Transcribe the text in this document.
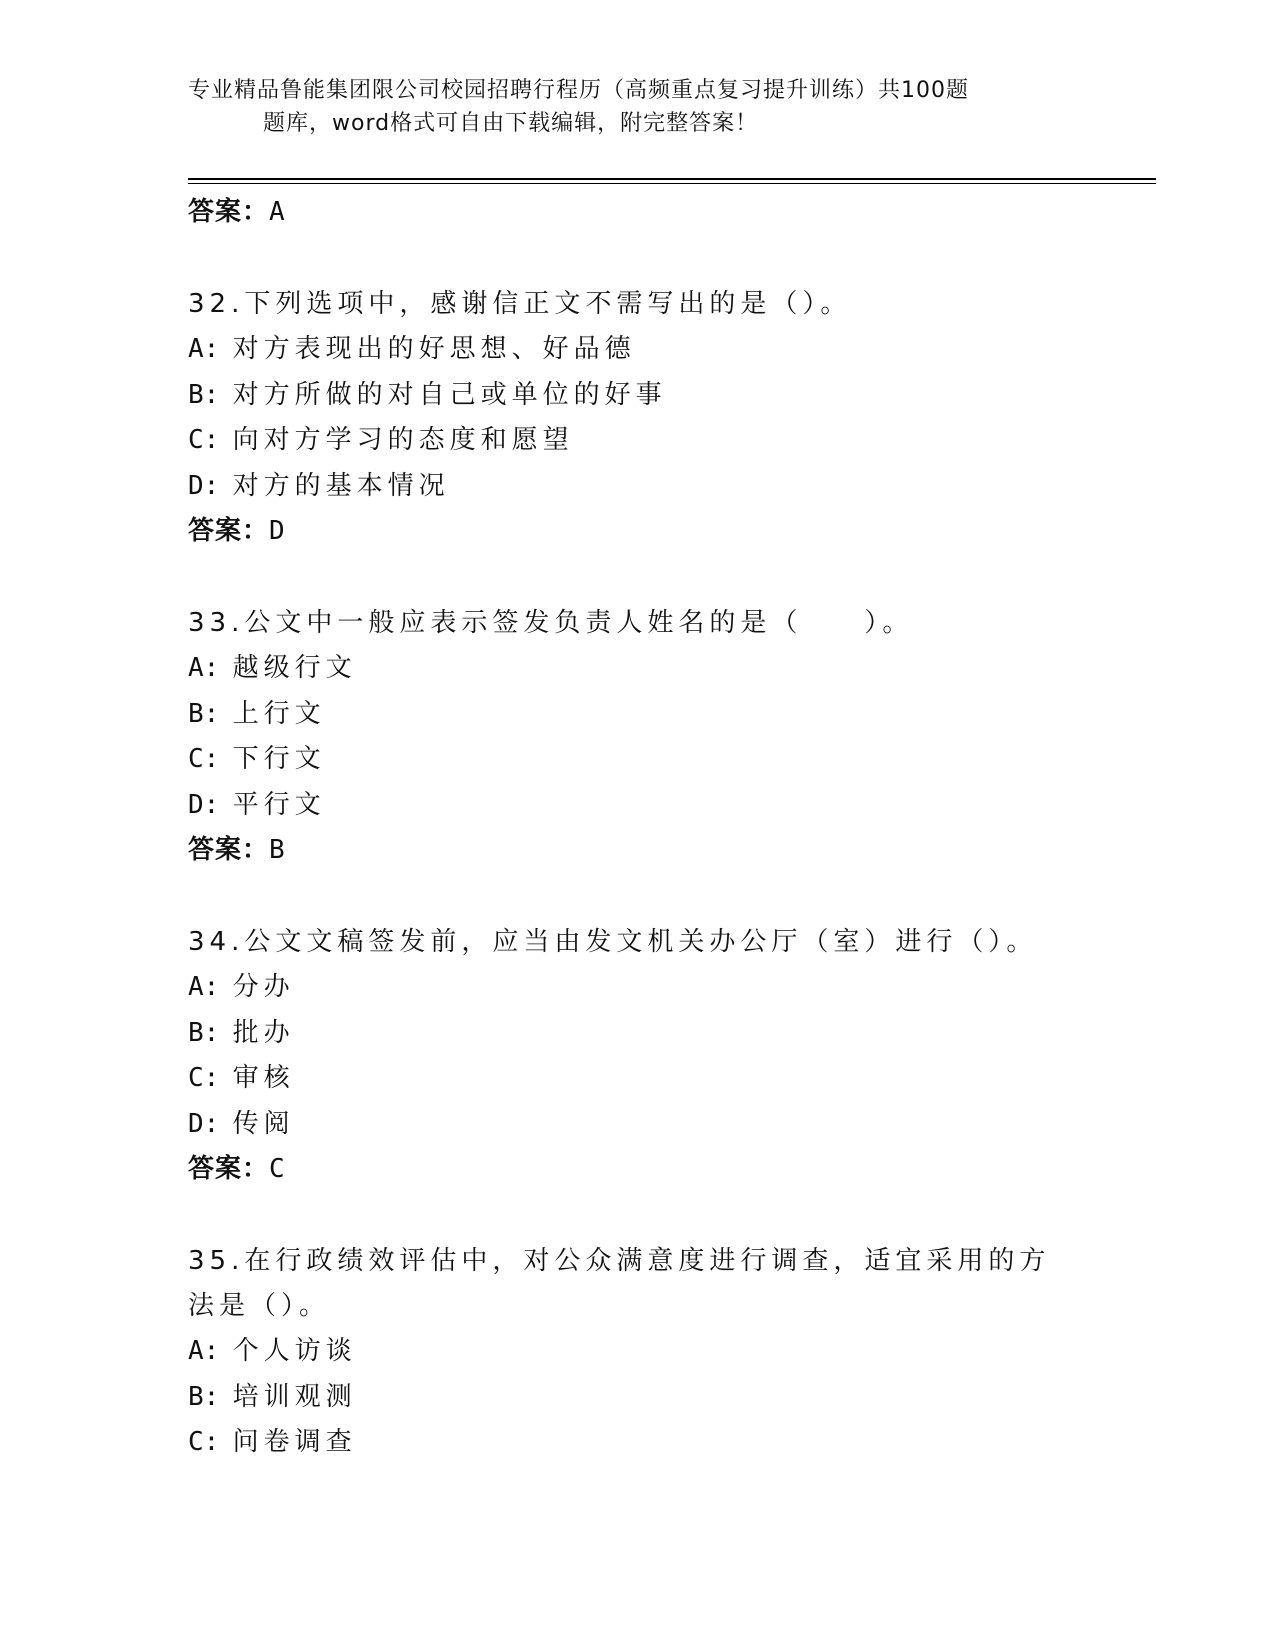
专业精品鲁能集团限公司校园招聘行程历（高频重点复习提升训练）共100题
题库，word格式可自由下载编辑，附完整答案！
答案：A
32.下列选项中，感谢信正文不需写出的是（）。
A: 对方表现出的好思想、好品德
B: 对方所做的对自己或单位的好事
C: 向对方学习的态度和愿望
D: 对方的基本情况
答案：D
33.公文中一般应表示签发负责人姓名的是（　　）。
A: 越级行文
B: 上行文
C: 下行文
D: 平行文
答案：B
34.公文文稿签发前，应当由发文机关办公厅（室）进行（）。
A: 分办
B: 批办
C: 审核
D: 传阅
答案：C
35.在行政绩效评估中，对公众满意度进行调查，适宜采用的方法是（）。
A: 个人访谈
B: 培训观测
C: 问卷调查
